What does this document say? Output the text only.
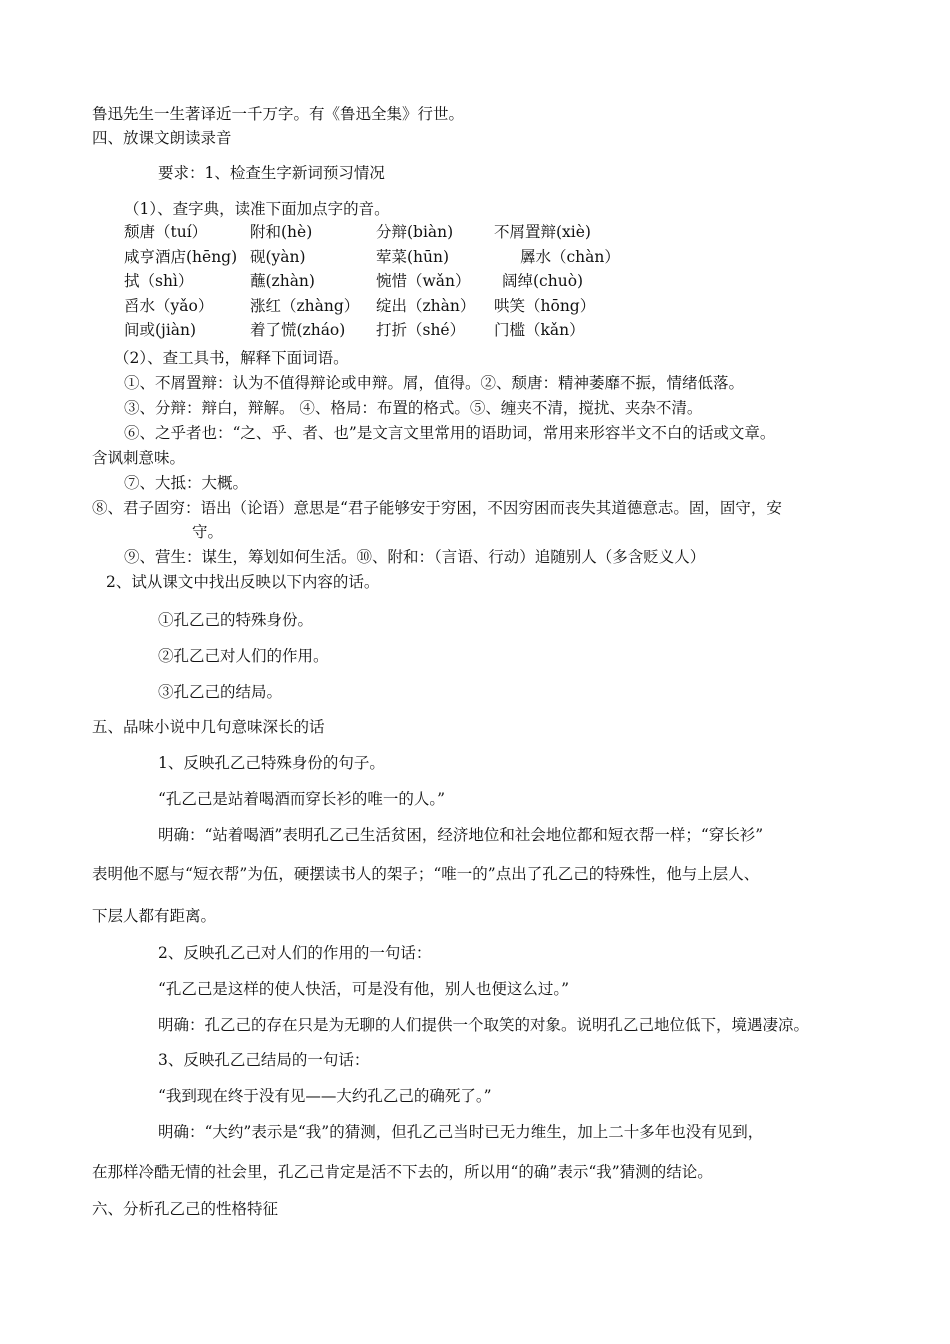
鲁迅先生一生著译近一千万字。有《鲁迅全集》行世。
四、放课文朗读录音
要求：1、检查生字新词预习情况
（1）、查字典，读准下面加点字的音。
颓唐（tuí）	附和(hè)	分辩(biàn)	不屑置辩(xiè)
咸亨酒店(hēng) 砚(yàn)	荤菜(hūn)	羼水（chàn）
拭（shì）	蘸(zhàn)	惋惜（wǎn） 阔绰(chuò)
舀水（yǎo） 涨红（zhàng） 绽出（zhàn） 哄笑（hōng）
间或(jiàn)	着了慌(zháo) 打折（shé） 门槛（kǎn）
（2）、查工具书，解释下面词语。
①、不屑置辩：认为不值得辩论或申辩。屑，值得。②、颓唐：精神萎靡不振，情绪低落。
③、分辩：辩白，辩解。 ④、格局：布置的格式。⑤、缠夹不清，搅扰、夹杂不清。
⑥、之乎者也：“之、乎、者、也”是文言文里常用的语助词，常用来形容半文不白的话或文章。
含讽刺意味。
⑦、大抵：大概。
⑧、君子固穷：语出（论语）意思是“君子能够安于穷困，不因穷困而丧失其道德意志。固，固守，安
守。
⑨、营生：谋生，筹划如何生活。⑩、附和：（言语、行动）追随别人（多含贬义人）
2、试从课文中找出反映以下内容的话。
①孔乙己的特殊身份。
②孔乙己对人们的作用。
③孔乙己的结局。
五、品味小说中几句意味深长的话
1、反映孔乙己特殊身份的句子。
“孔乙己是站着喝酒而穿长衫的唯一的人。”
明确：“站着喝酒”表明孔乙己生活贫困，经济地位和社会地位都和短衣帮一样；“穿长衫”
表明他不愿与“短衣帮”为伍，硬摆读书人的架子；“唯一的”点出了孔乙己的特殊性，他与上层人、
下层人都有距离。
2、反映孔乙己对人们的作用的一句话：
“孔乙己是这样的使人快活，可是没有他，别人也便这么过。”
明确：孔乙己的存在只是为无聊的人们提供一个取笑的对象。说明孔乙己地位低下，境遇凄凉。
3、反映孔乙己结局的一句话：
“我到现在终于没有见——大约孔乙己的确死了。”
明确：“大约”表示是“我”的猜测，但孔乙己当时已无力维生，加上二十多年也没有见到，
在那样冷酷无情的社会里，孔乙己肯定是活不下去的，所以用“的确”表示“我”猜测的结论。
六、分析孔乙己的性格特征
